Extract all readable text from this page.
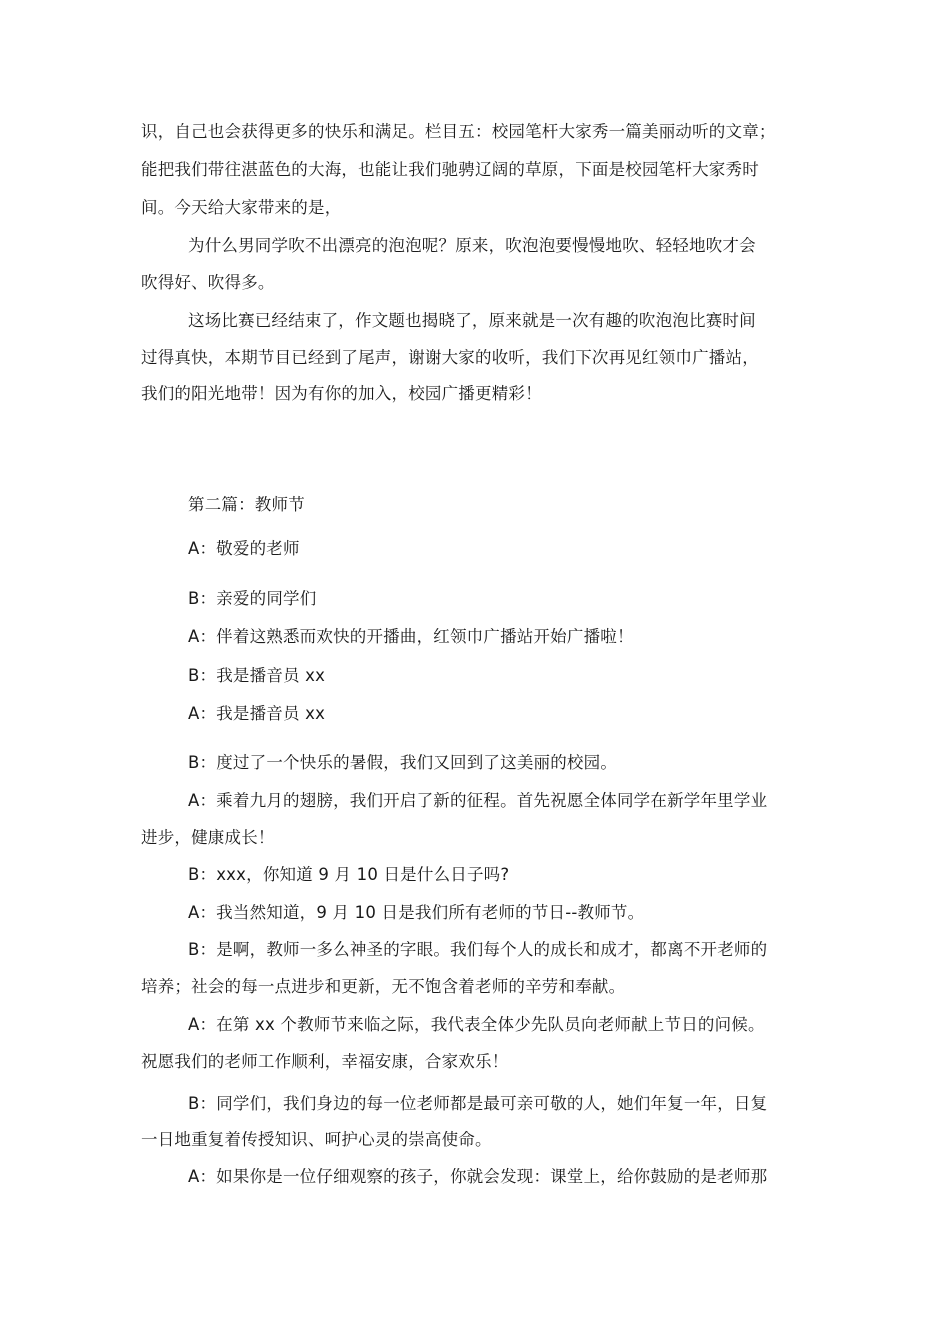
识，自己也会获得更多的快乐和满足。栏目五：校园笔杆大家秀一篇美丽动听的文章；
能把我们带往湛蓝色的大海，也能让我们驰骋辽阔的草原，下面是校园笔杆大家秀时
间。今天给大家带来的是，
为什么男同学吹不出漂亮的泡泡呢？原来，吹泡泡要慢慢地吹、轻轻地吹才会
吹得好、吹得多。
这场比赛已经结束了，作文题也揭晓了，原来就是一次有趣的吹泡泡比赛时间
过得真快，本期节目已经到了尾声，谢谢大家的收听，我们下次再见红领巾广播站，
我们的阳光地带！因为有你的加入，校园广播更精彩！
第二篇：教师节
A：敬爱的老师
B：亲爱的同学们
A：伴着这熟悉而欢快的开播曲，红领巾广播站开始广播啦！
B：我是播音员 xx
A：我是播音员 xx
B：度过了一个快乐的暑假，我们又回到了这美丽的校园。
A：乘着九月的翅膀，我们开启了新的征程。首先祝愿全体同学在新学年里学业
进步，健康成长！
B：xxx，你知道 9 月 10 日是什么日子吗?
A：我当然知道，9 月 10 日是我们所有老师的节日--教师节。
B：是啊，教师一多么神圣的字眼。我们每个人的成长和成才，都离不开老师的
培养；社会的每一点进步和更新，无不饱含着老师的辛劳和奉献。
A：在第 xx 个教师节来临之际，我代表全体少先队员向老师献上节日的问候。
祝愿我们的老师工作顺利，幸福安康，合家欢乐！
B：同学们，我们身边的每一位老师都是最可亲可敬的人，她们年复一年，日复
一日地重复着传授知识、呵护心灵的崇高使命。
A：如果你是一位仔细观察的孩子，你就会发现：课堂上，给你鼓励的是老师那
